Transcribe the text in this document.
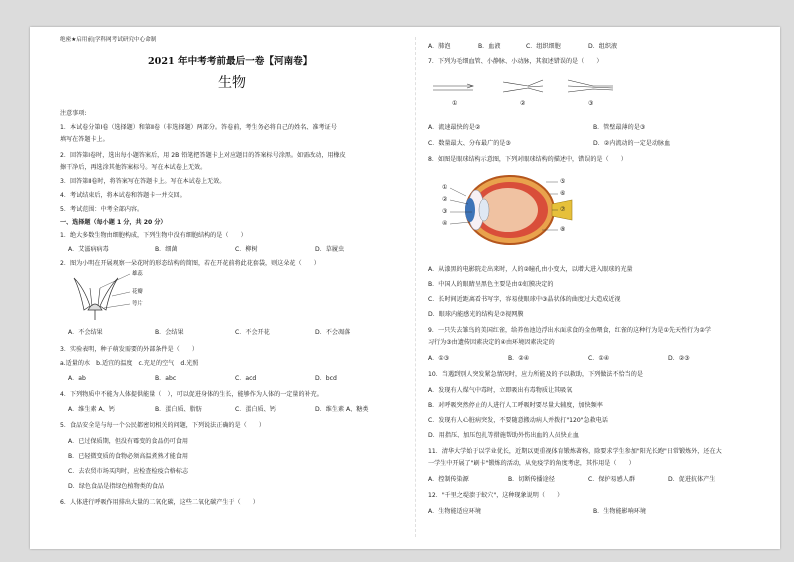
绝密★启用前|学科网考试研究中心命制
2021 年中考考前最后一卷【河南卷】
生物
注意事项:
1．本试卷分第Ⅰ卷（选择题）和第Ⅱ卷（非选择题）两部分。答卷前，考生务必将自己的姓名、准考证号
填写在答题卡上。
2．回答第Ⅰ卷时，选出每小题答案后，用 2B 铅笔把答题卡上对应题目的答案标号涂黑。如需改动，用橡皮
擦干净后，再选涂其他答案标号。写在本试卷上无效。
3．回答第Ⅱ卷时，将答案写在答题卡上。写在本试卷上无效。
4．考试结束后，将本试卷和答题卡一并交回。
5．考试范围：中考全部内容。
一、选择题（每小题 1 分，共 20 分）
1．绝大多数生物由细胞构成，下列生物中没有细胞结构的是（　　）
A．艾滋病病毒	B．细菌	C．柳树	D．草履虫
2．图为小明在开展观察一朵花时的形态结构的简图，若在开花前将此花套袋，则这朵花（　　）
雄蕊
花瓣
萼片
A．不会结果	B．会结果	C．不会开花	D．不会凋落
3．实验表明，种子萌发需要的外部条件是（　　）
a.适量的水　b.适宜的温度　c.充足的空气　d.光照
A．ab	B．abc	C．acd	D．bcd
4．下列物质中不能为人体提供能量（　），可以促进身体的生长，能够作为人体的一定量的补充。
A．维生素 A、钙	B．蛋白质、脂肪	C．蛋白质、钙	D．维生素 A、糖类
5．食品安全是与每一个公民都密切相关的问题，下列说法正确的是（　　）
A．已过保质期，但没有霉变的食品仍可食用
B．已轻微变质的食物必须高温煮熟才能食用
C．去农贸市场买肉时，应检查检疫合格标志
D．绿色食品是指绿色植物类的食品
6．人体进行呼吸作用排出大量的二氧化碳，这些二氧化碳产生于（　　）
A．肺泡	B．血液	C．组织细胞	D．组织液
7．下列为毛细血管、小静脉、小动脉，其叙述错误的是（　　）
①	②	③
A．流速最快的是②	B．管壁最薄的是③
C．数量最大、分布最广的是③	D．②内流动的一定是动脉血
8．如图是眼球结构示意图，下列对眼球结构的描述中，错误的是（　　）
①
②
③
④
⑤
⑥
⑦
⑧
A．从漆黑的电影院走出来时，人的②瞳孔由小变大，以增大进入眼球的光量
B．中国人的眼睛呈黑色主要是由①虹膜决定的
C．长时间近距离看书写字，容易使眼球中③晶状体的曲度过大造成近视
D．眼球内能感光的结构是⑦视网膜
9．一只失去雏鸟的美国红雀，给养鱼池边浮出水面求食的金鱼喂食，红雀的这种行为是①先天性行为②学
习行为③由遗传因素决定的④由环境因素决定的
A．①③	B．②④	C．①④	D．②③
10．当遇到别人突发紧急情况时，应力所能及的予以救助，下列做法不恰当的是
A．发现有人煤气中毒时，立即吸出有毒物质让其吸氧
B．对呼吸突然停止的人进行人工呼吸时要尽量大辅度，加快频率
C．发现有人心脏病突发，不要随意搬动病人并拨打"120"急救电话
D．用指压、加压包扎等措施帮助外伤出血的人员快止血
11．清华大学始于以学业优长，近期以更重视体育锻炼著称，除要求学生参加"阳光长跑"日常锻炼外，还在大
一学生中开展了"刷卡"锻炼的活动，从免疫学的角度考虑，其作用是（　　）
A．控制传染源	B．切断传播途径	C．保护易感人群	D．促进抗体产生
12．"千里之堤溃于蚁穴"，这种现象说明（　　）
A．生物能适应环境	B．生物能影响环境
